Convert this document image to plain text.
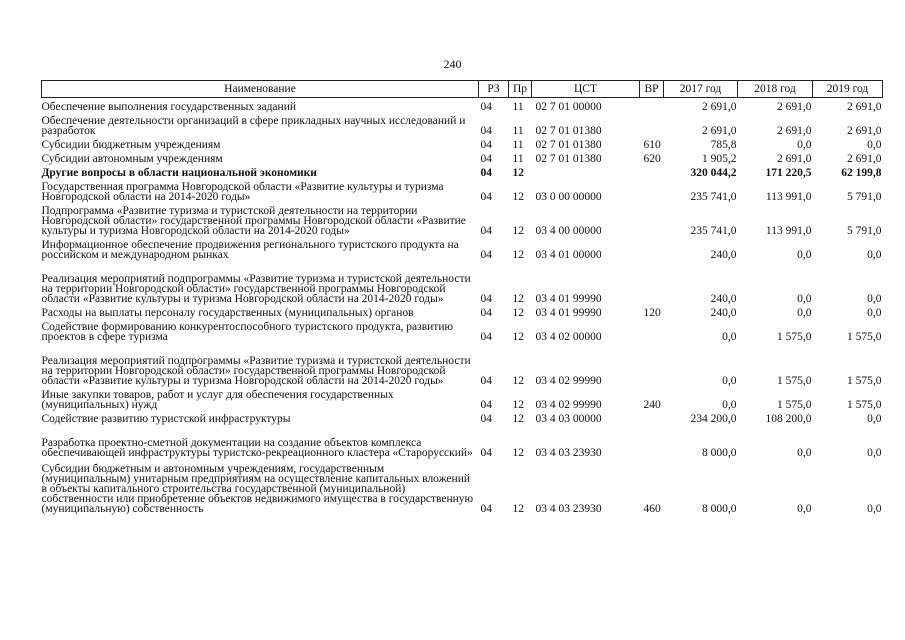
240
Наименование	РЗ	Пр	ЦСТ	ВР	2017 год	2018 год	2019 год
Обеспечение выполнения государственных заданий	04	11	02 7 01 00000		2 691,0	2 691,0	2 691,0
Обеспечение деятельности организаций в сфере прикладных научных исследований и разработок	04	11	02 7 01 01380		2 691,0	2 691,0	2 691,0
Субсидии бюджетным учреждениям	04	11	02 7 01 01380	610	785,8	0,0	0,0
Субсидии автономным учреждениям	04	11	02 7 01 01380	620	1 905,2	2 691,0	2 691,0
Другие вопросы в области национальной экономики	04	12			320 044,2	171 220,5	62 199,8
Государственная программа Новгородской области «Развитие культуры и туризма Новгородской области на 2014-2020 годы»	04	12	03 0 00 00000		235 741,0	113 991,0	5 791,0
Подпрограмма «Развитие туризма и туристской деятельности на территории Новгородской области» государственной программы Новгородской области «Развитие культуры и туризма Новгородской области на 2014-2020 годы»	04	12	03 4 00 00000		235 741,0	113 991,0	5 791,0
Информационное обеспечение продвижения регионального туристского продукта на российском и международном рынках	04	12	03 4 01 00000		240,0	0,0	0,0
Реализация мероприятий подпрограммы «Развитие туризма и туристской деятельности на территории Новгородской области» государственной программы Новгородской области «Развитие культуры и туризма Новгородской области на 2014-2020 годы»	04	12	03 4 01 99990		240,0	0,0	0,0
Расходы на выплаты персоналу государственных (муниципальных) органов	04	12	03 4 01 99990	120	240,0	0,0	0,0
Содействие формированию конкурентоспособного туристского продукта, развитию проектов в сфере туризма	04	12	03 4 02 00000		0,0	1 575,0	1 575,0
Реализация мероприятий подпрограммы «Развитие туризма и туристской деятельности на территории Новгородской области» государственной программы Новгородской области «Развитие культуры и туризма Новгородской области на 2014-2020 годы»	04	12	03 4 02 99990		0,0	1 575,0	1 575,0
Иные закупки товаров, работ и услуг для обеспечения государственных (муниципальных) нужд	04	12	03 4 02 99990	240	0,0	1 575,0	1 575,0
Содействие развитию туристской инфраструктуры	04	12	03 4 03 00000		234 200,0	108 200,0	0,0
Разработка проектно-сметной документации на создание объектов комплекса обеспечивающей инфраструктуры туристско-рекреационного кластера «Старорусский»	04	12	03 4 03 23930		8 000,0	0,0	0,0
Субсидии бюджетным и автономным учреждениям, государственным (муниципальным) унитарным предприятиям на осуществление капитальных вложений в объекты капитального строительства государственной (муниципальной) собственности или приобретение объектов недвижимого имущества в государственную (муниципальную) собственность	04	12	03 4 03 23930	460	8 000,0	0,0	0,0
